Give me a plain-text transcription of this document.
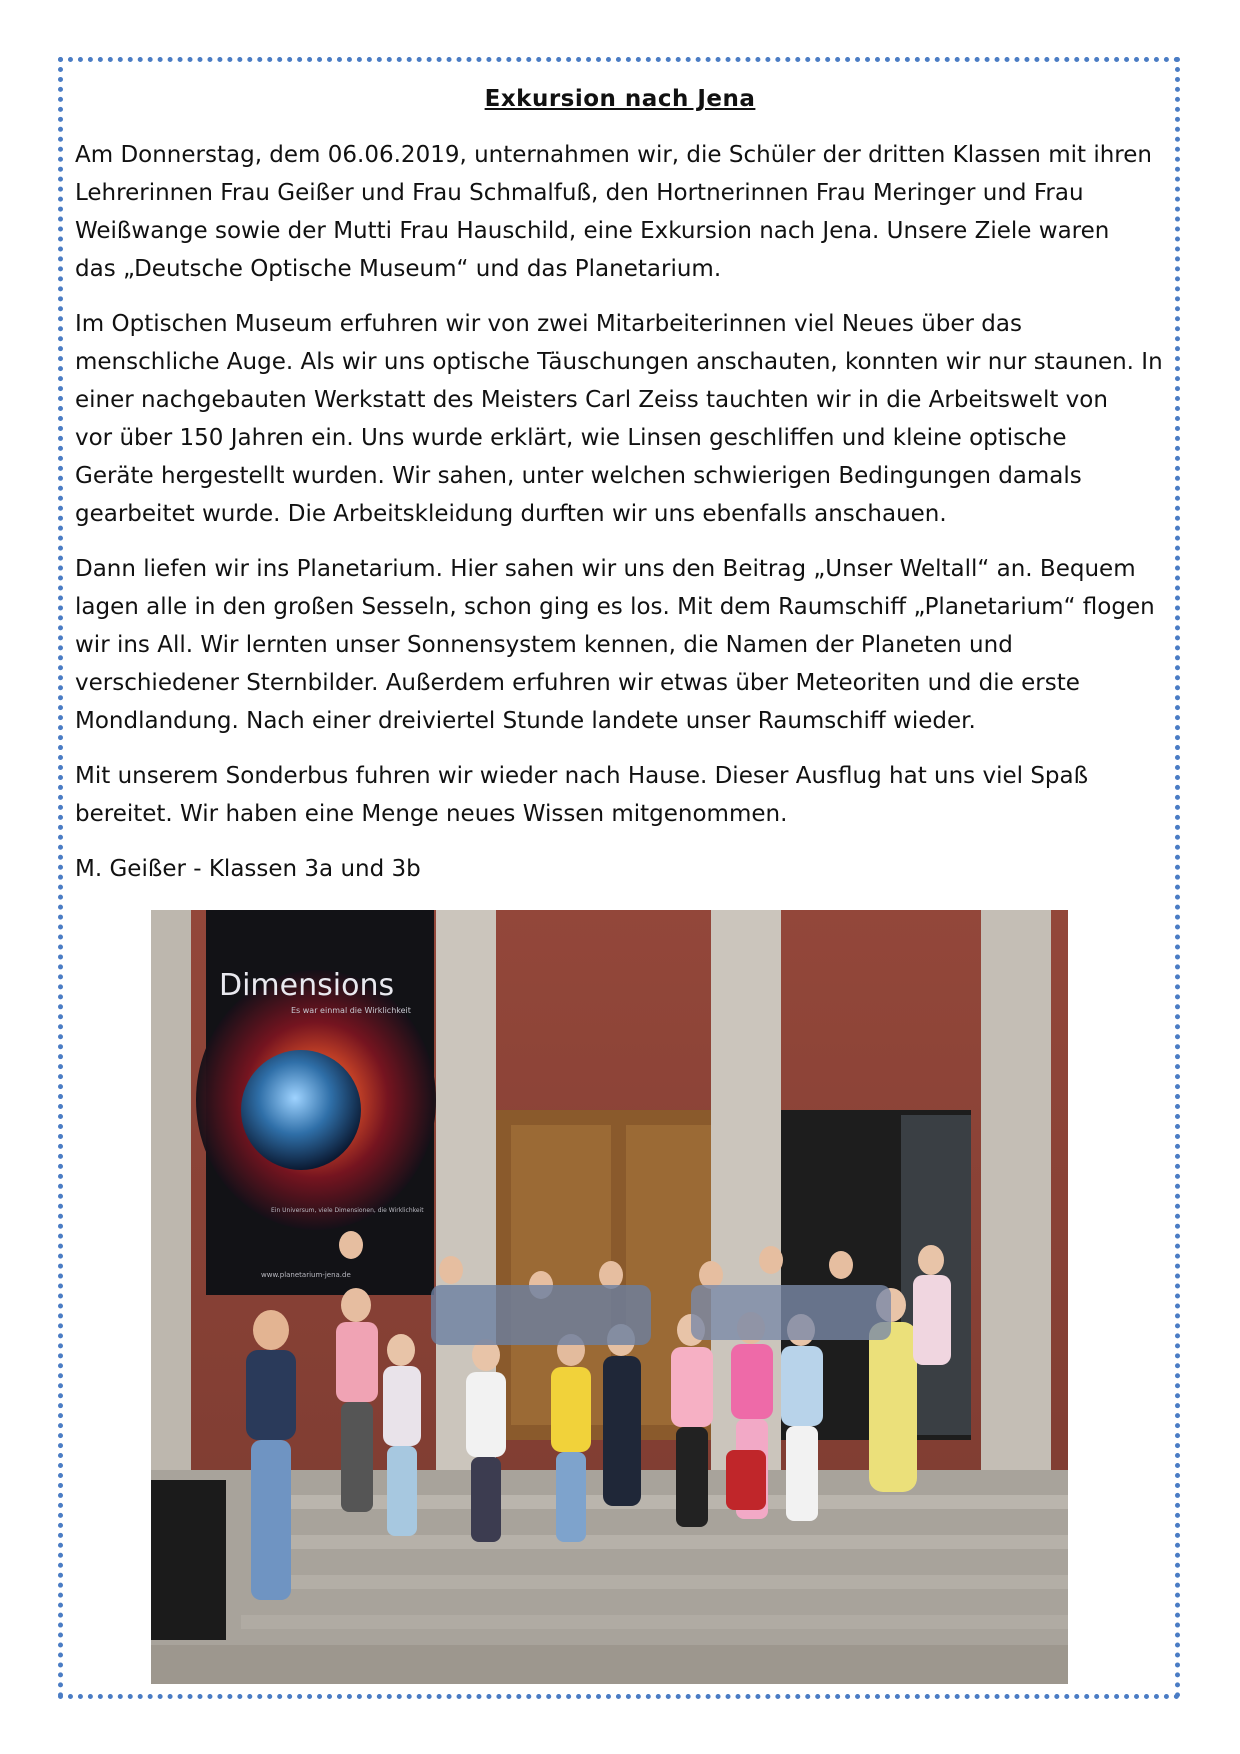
Exkursion nach Jena

Am Donnerstag, dem 06.06.2019, unternahmen wir, die Schüler der dritten Klassen mit ihren
Lehrerinnen Frau Geißer und Frau Schmalfuß, den Hortnerinnen Frau Meringer und Frau
Weißwange sowie der Mutti Frau Hauschild, eine Exkursion nach Jena. Unsere Ziele waren
das „Deutsche Optische Museum“ und das Planetarium.

Im Optischen Museum erfuhren wir von zwei Mitarbeiterinnen viel Neues über das
menschliche Auge. Als wir uns optische Täuschungen anschauten, konnten wir nur staunen. In
einer nachgebauten Werkstatt des Meisters Carl Zeiss tauchten wir in die Arbeitswelt von
vor über 150 Jahren ein. Uns wurde erklärt, wie Linsen geschliffen und kleine optische
Geräte hergestellt wurden. Wir sahen, unter welchen schwierigen Bedingungen damals
gearbeitet wurde. Die Arbeitskleidung durften wir uns ebenfalls anschauen.

Dann liefen wir ins Planetarium. Hier sahen wir uns den Beitrag „Unser Weltall“ an. Bequem
lagen alle in den großen Sesseln, schon ging es los. Mit dem Raumschiff „Planetarium“ flogen
wir ins All. Wir lernten unser Sonnensystem kennen, die Namen der Planeten und
verschiedener Sternbilder. Außerdem erfuhren wir etwas über Meteoriten und die erste
Mondlandung. Nach einer dreiviertel Stunde landete unser Raumschiff wieder.

Mit unserem Sonderbus fuhren wir wieder nach Hause. Dieser Ausflug hat uns viel Spaß
bereitet. Wir haben eine Menge neues Wissen mitgenommen.

M. Geißer - Klassen 3a und 3b

Dimensions
Es war einmal die Wirklichkeit
Ein Universum, viele Dimensionen, die Wirklichkeit
www.planetarium-jena.de
